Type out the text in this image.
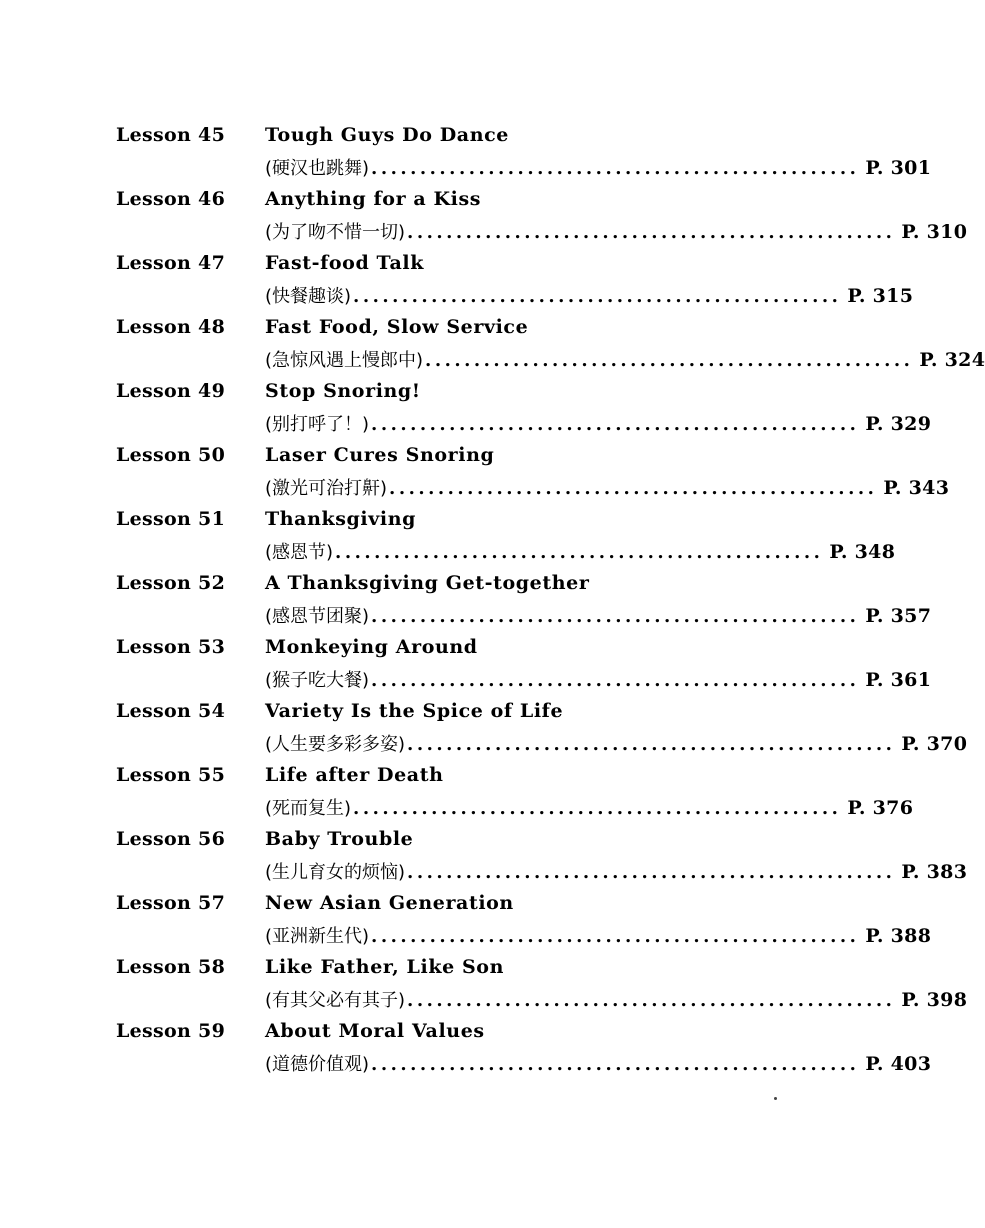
Lesson 45 Tough Guys Do Dance
(硬汉也跳舞) .................................................. P. 301
Lesson 46 Anything for a Kiss
(为了吻不惜一切) .................................................. P. 310
Lesson 47 Fast-food Talk
(快餐趣谈) .................................................. P. 315
Lesson 48 Fast Food, Slow Service
(急惊风遇上慢郎中) .................................................. P. 324
Lesson 49 Stop Snoring!
(别打呼了！) .................................................. P. 329
Lesson 50 Laser Cures Snoring
(激光可治打鼾) .................................................. P. 343
Lesson 51 Thanksgiving
(感恩节) .................................................. P. 348
Lesson 52 A Thanksgiving Get-together
(感恩节团聚) .................................................. P. 357
Lesson 53 Monkeying Around
(猴子吃大餐) .................................................. P. 361
Lesson 54 Variety Is the Spice of Life
(人生要多彩多姿) .................................................. P. 370
Lesson 55 Life after Death
(死而复生) .................................................. P. 376
Lesson 56 Baby Trouble
(生儿育女的烦恼) .................................................. P. 383
Lesson 57 New Asian Generation
(亚洲新生代) .................................................. P. 388
Lesson 58 Like Father, Like Son
(有其父必有其子) .................................................. P. 398
Lesson 59 About Moral Values
(道德价值观) .................................................. P. 403
